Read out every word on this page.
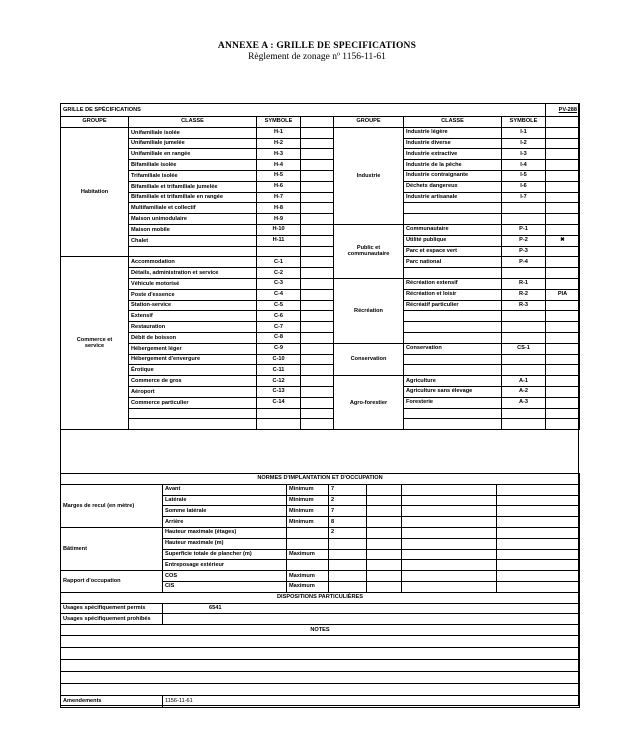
ANNEXE A : GRILLE DE SPECIFICATIONS
Règlement de zonage nº 1156-11-61
GRILLE DE SPÉCIFICATIONS							PV-288
GROUPE	CLASSE	SYMBOLE		GROUPE	CLASSE	SYMBOLE	
Habitation	Unifamiliale isolée	H-1		Industrie	Industrie légère	I-1	
	Unifamiliale jumelée	H-2			Industrie diverse	I-2	
	Unifamiliale en rangée	H-3			Industrie extractive	I-3	
	Bifamiliale isolée	H-4			Industrie de la pêche	I-4	
	Trifamiliale isolée	H-5			Industrie contraignante	I-5	
	Bifamiliale et trifamiliale jumelée	H-6			Déchets dangereux	I-6	
	Bifamiliale et trifamiliale en rangée	H-7			Industrie artisanale	I-7	
	Multifamiliale et collectif	H-8					
	Maison unimodulaire	H-9					
	Maison mobile	H-10		Public et communautaire	Communautaire	P-1	
	Chalet	H-11			Utilité publique	P-2	✖
					Parc et espace vert	P-3	
Commerce et service	Accommodation	C-1			Parc national	P-4	
	Détails, administration et service	C-2					
	Véhicule motorisé	C-3		Récréation	Récréation extensif	R-1	
	Poste d'essence	C-4			Récréation et loisir	R-2	PIA
	Station-service	C-5			Récréatif particulier	R-3	
	Extensif	C-6					
	Restauration	C-7					
	Débit de boisson	C-8					
	Hébergement léger	C-9		Conservation	Conservation	CS-1	
	Hébergement d'envergure	C-10					
	Érotique	C-11					
	Commerce de gros	C-12		Agro-forestier	Agriculture	A-1	
	Aéroport	C-13			Agriculture sans élevage	A-2	
	Commerce particulier	C-14			Foresterie	A-3	

NORMES D'IMPLANTATION ET D'OCCUPATION						
Marges de recul (en mètre)	Avant	Minimum	7			
	Latérale	Minimum	2			
	Somme latérale	Minimum	7			
	Arrière	Minimum	8			
Bâtiment	Hauteur maximale (étages)		2			
	Hauteur maximale (m)					
	Superficie totale de plancher (m)	Maximum				
	Entreposage extérieur					
Rapport d'occupation	COS	Maximum				
	CIS	Maximum				
DISPOSITIONS PARTICULIÈRES						
Usages spécifiquement permis	6541					
Usages spécifiquement prohibés						
NOTES						

Amendements	1156-11-61					
